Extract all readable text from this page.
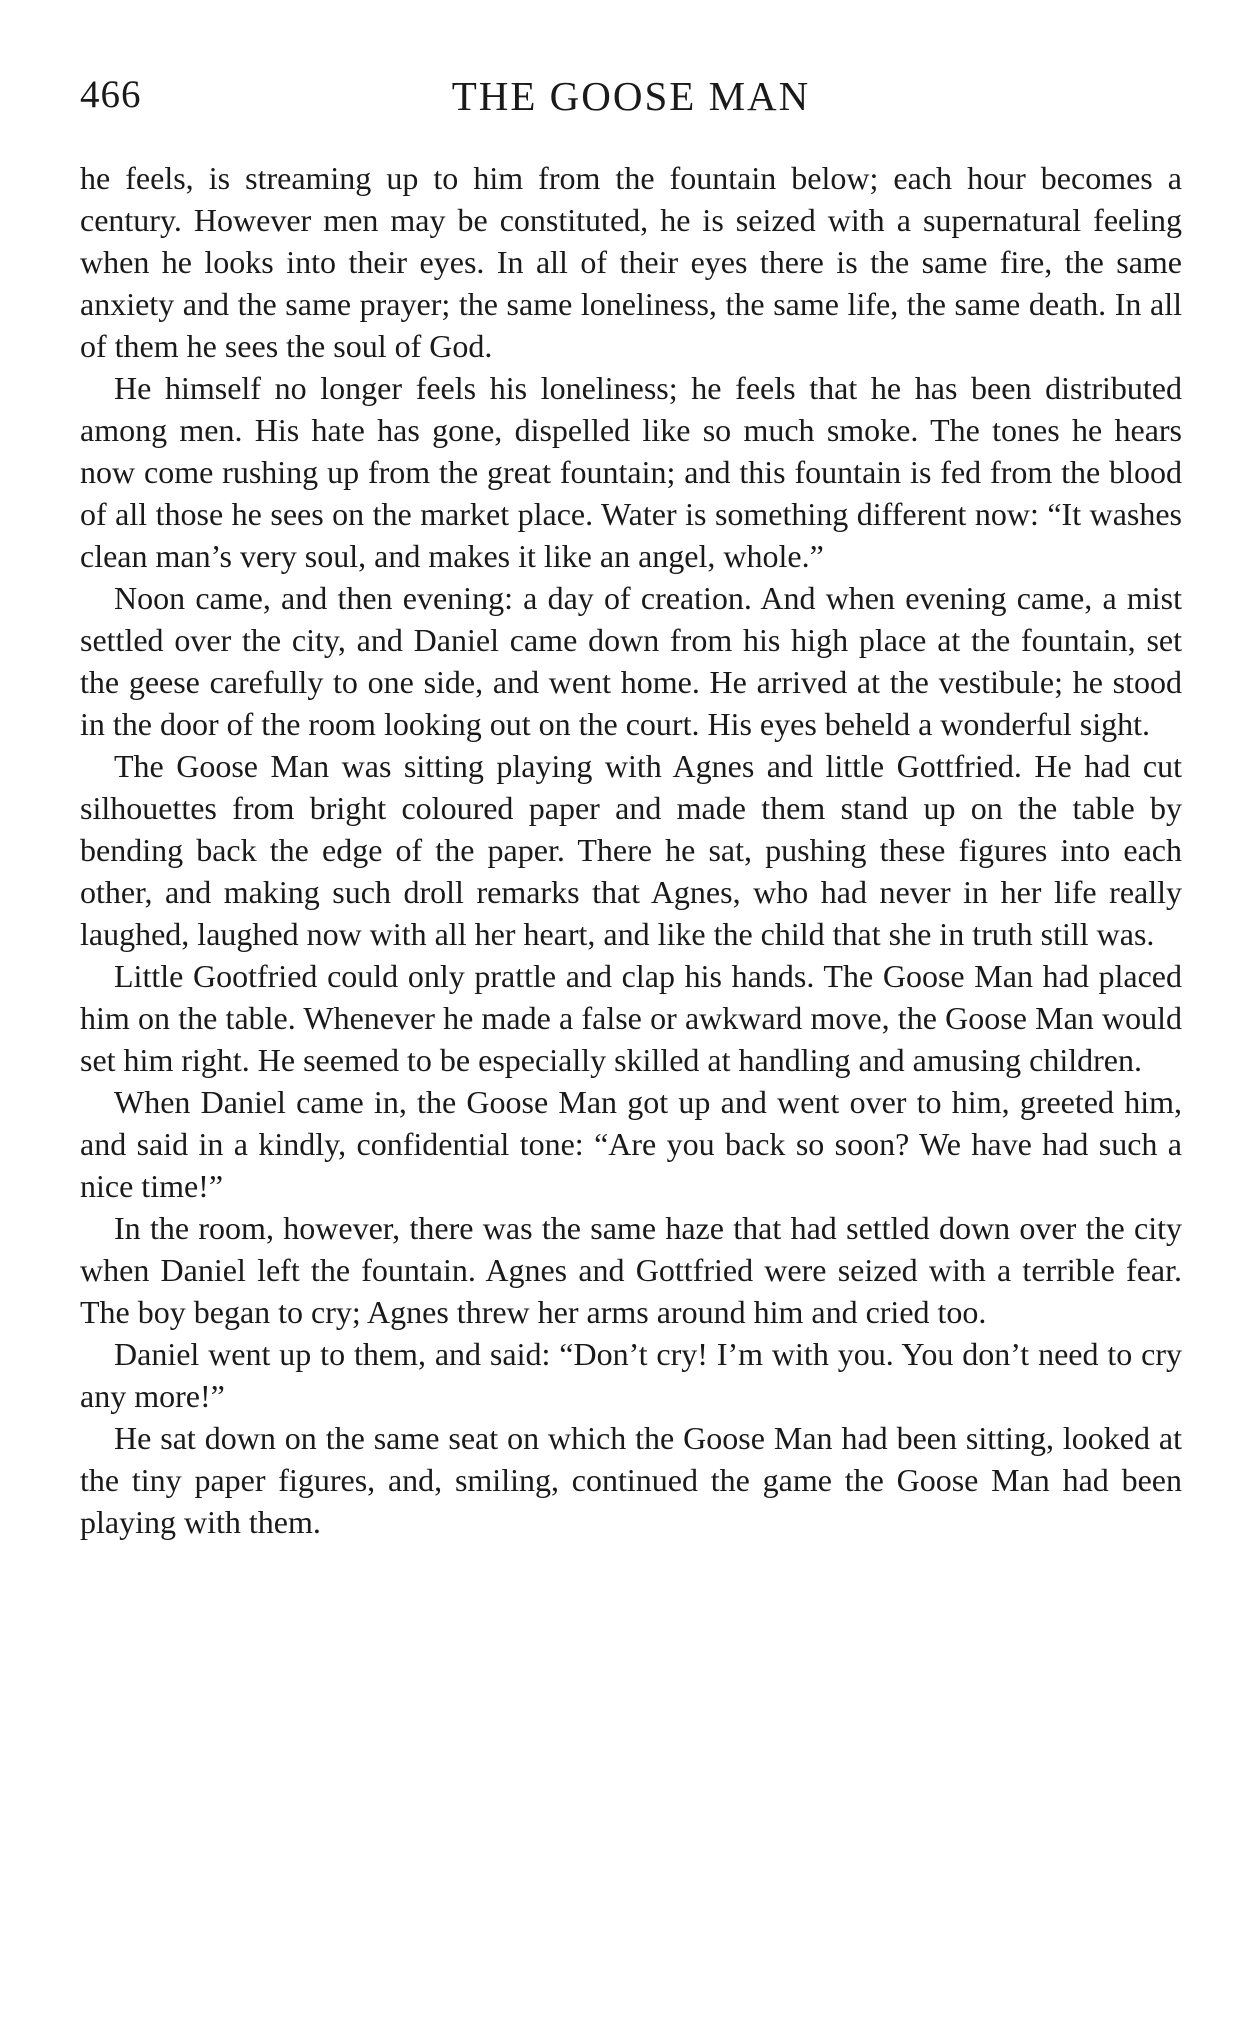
466	THE GOOSE MAN

he feels, is streaming up to him from the fountain below; each hour becomes a century. However men may be constituted, he is seized with a supernatural feeling when he looks into their eyes. In all of their eyes there is the same fire, the same anxiety and the same prayer; the same loneliness, the same life, the same death. In all of them he sees the soul of God.

He himself no longer feels his loneliness; he feels that he has been distributed among men. His hate has gone, dispelled like so much smoke. The tones he hears now come rushing up from the great fountain; and this fountain is fed from the blood of all those he sees on the market place. Water is something different now: “It washes clean man’s very soul, and makes it like an angel, whole.”

Noon came, and then evening: a day of creation. And when evening came, a mist settled over the city, and Daniel came down from his high place at the fountain, set the geese carefully to one side, and went home. He arrived at the vestibule; he stood in the door of the room looking out on the court. His eyes beheld a wonderful sight.

The Goose Man was sitting playing with Agnes and little Gottfried. He had cut silhouettes from bright coloured paper and made them stand up on the table by bending back the edge of the paper. There he sat, pushing these figures into each other, and making such droll remarks that Agnes, who had never in her life really laughed, laughed now with all her heart, and like the child that she in truth still was.

Little Gootfried could only prattle and clap his hands. The Goose Man had placed him on the table. Whenever he made a false or awkward move, the Goose Man would set him right. He seemed to be especially skilled at handling and amusing children.

When Daniel came in, the Goose Man got up and went over to him, greeted him, and said in a kindly, confidential tone: “Are you back so soon? We have had such a nice time!”

In the room, however, there was the same haze that had settled down over the city when Daniel left the fountain. Agnes and Gottfried were seized with a terrible fear. The boy began to cry; Agnes threw her arms around him and cried too.

Daniel went up to them, and said: “Don’t cry! I’m with you. You don’t need to cry any more!”

He sat down on the same seat on which the Goose Man had been sitting, looked at the tiny paper figures, and, smiling, continued the game the Goose Man had been playing with them.
